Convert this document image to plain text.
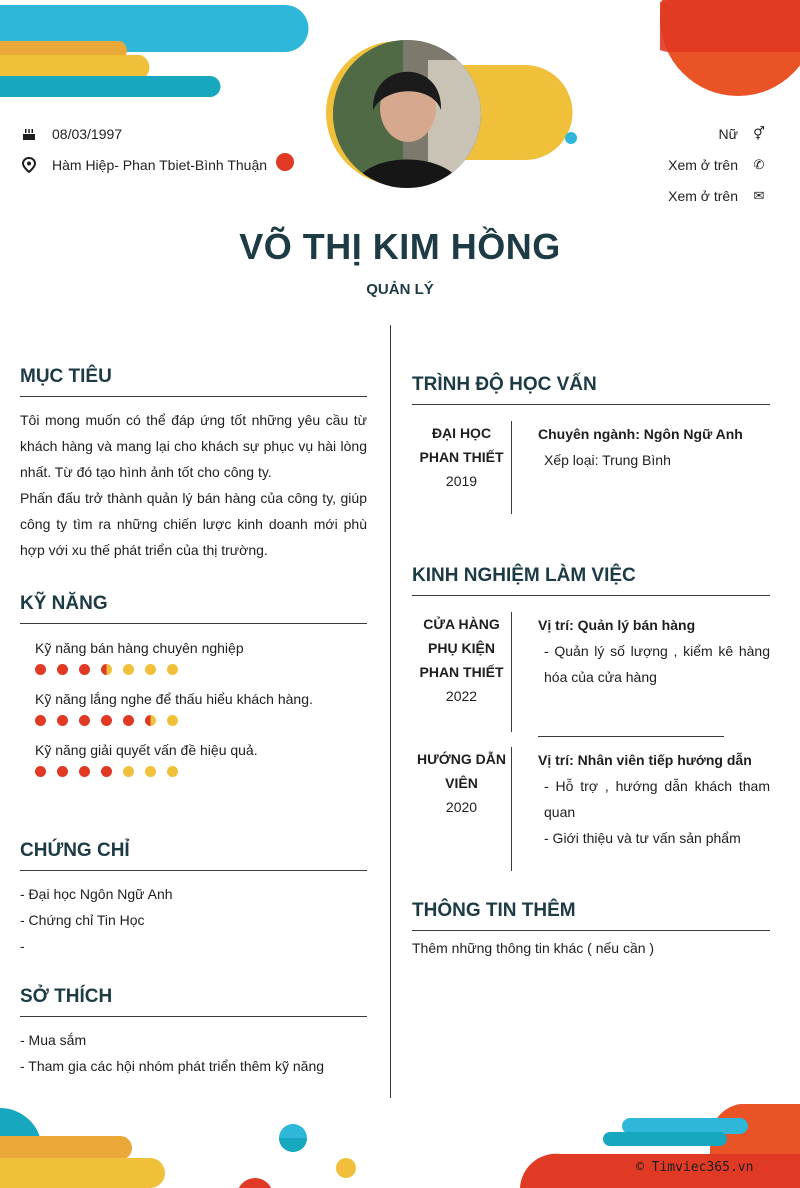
08/03/1997
Hàm Hiệp- Phan Tbiet-Bình Thuận
Nữ ⚥
Xem ở trên ✆
Xem ở trên ✉
VÕ THỊ KIM HỒNG
QUẢN LÝ
MỤC TIÊU
Tôi mong muốn có thể đáp ứng tốt những yêu cầu từ khách hàng và mang lại cho khách sự phục vụ hài lòng nhất. Từ đó tạo hình ảnh tốt cho công ty.
Phấn đấu trở thành quản lý bán hàng của công ty, giúp công ty tìm ra những chiến lược kinh doanh mới phù hợp với xu thế phát triển của thị trường.
KỸ NĂNG
Kỹ năng bán hàng chuyên nghiệp
Kỹ năng lắng nghe để thấu hiểu khách hàng.
Kỹ năng giải quyết vấn đề hiệu quả.
CHỨNG CHỈ
- Đại học Ngôn Ngữ Anh
- Chứng chỉ Tin Học
-
SỞ THÍCH
- Mua sắm
- Tham gia các hội nhóm phát triển thêm kỹ năng
TRÌNH ĐỘ HỌC VẤN
ĐẠI HỌC
PHAN THIẾT
2019
Chuyên ngành: Ngôn Ngữ Anh
Xếp loại: Trung Bình
KINH NGHIỆM LÀM VIỆC
CỬA HÀNG
PHỤ KIỆN
PHAN THIẾT
2022
Vị trí: Quản lý bán hàng
- Quản lý số lượng , kiểm kê hàng hóa của cửa hàng
HƯỚNG DẪN
VIÊN
2020
Vị trí: Nhân viên tiếp hướng dẫn
- Hỗ trợ , hướng dẫn khách tham quan
- Giới thiệu và tư vấn sản phẩm
THÔNG TIN THÊM
Thêm những thông tin khác ( nếu cần )
© Timviec365.vn
